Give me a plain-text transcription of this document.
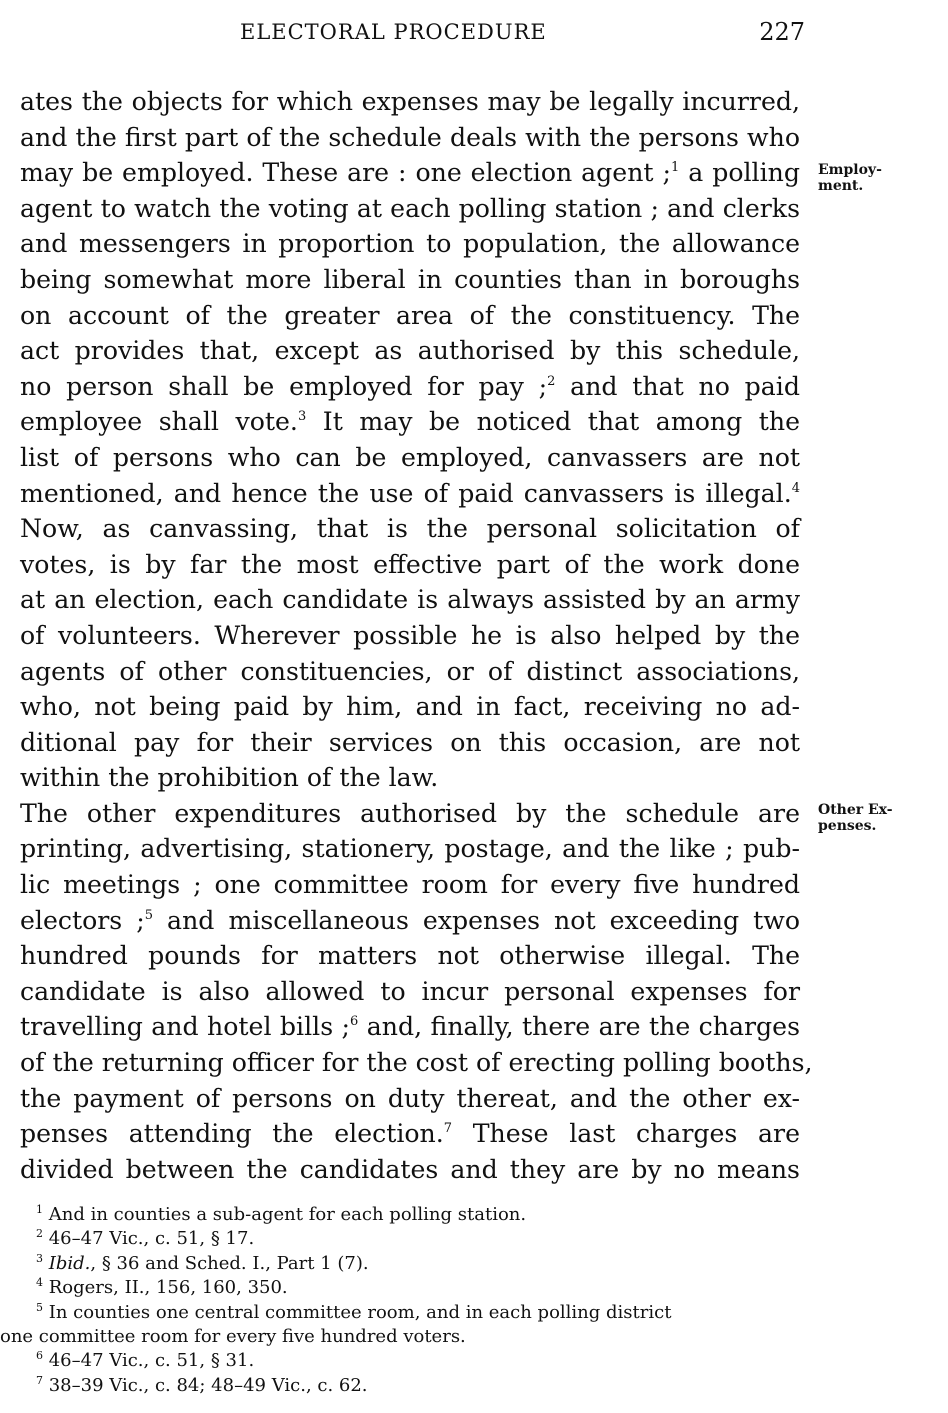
ELECTORAL PROCEDURE	227
ates the objects for which expenses may be legally incurred,
and the first part of the schedule deals with the persons who
may be employed. These are : one election agent ;$^1$ a polling
agent to watch the voting at each polling station ; and clerks
and messengers in proportion to population, the allowance
being somewhat more liberal in counties than in boroughs
on account of the greater area of the constituency. The
act provides that, except as authorised by this schedule,
no person shall be employed for pay ;$^2$ and that no paid
employee shall vote.$^3$ It may be noticed that among the
list of persons who can be employed, canvassers are not
mentioned, and hence the use of paid canvassers is illegal.$^4$
Now, as canvassing, that is the personal solicitation of
votes, is by far the most effective part of the work done
at an election, each candidate is always assisted by an army
of volunteers. Wherever possible he is also helped by the
agents of other constituencies, or of distinct associations,
who, not being paid by him, and in fact, receiving no ad-
ditional pay for their services on this occasion, are not
within the prohibition of the law.
The other expenditures authorised by the schedule are
printing, advertising, stationery, postage, and the like ; pub-
lic meetings ; one committee room for every five hundred
electors ;$^5$ and miscellaneous expenses not exceeding two
hundred pounds for matters not otherwise illegal. The
candidate is also allowed to incur personal expenses for
travelling and hotel bills ;$^6$ and, finally, there are the charges
of the returning officer for the cost of erecting polling booths,
the payment of persons on duty thereat, and the other ex-
penses attending the election.$^7$ These last charges are
divided between the candidates and they are by no means
Employ-
ment.
Other Ex-
penses.
$^1$ And in counties a sub-agent for each polling station.
$^2$ 46–47 Vic., c. 51, § 17.
$^3$ Ibid., § 36 and Sched. I., Part 1 (7).
$^4$ Rogers, II., 156, 160, 350.
$^5$ In counties one central committee room, and in each polling district
one committee room for every five hundred voters.
$^6$ 46–47 Vic., c. 51, § 31.
$^7$ 38–39 Vic., c. 84; 48–49 Vic., c. 62.
